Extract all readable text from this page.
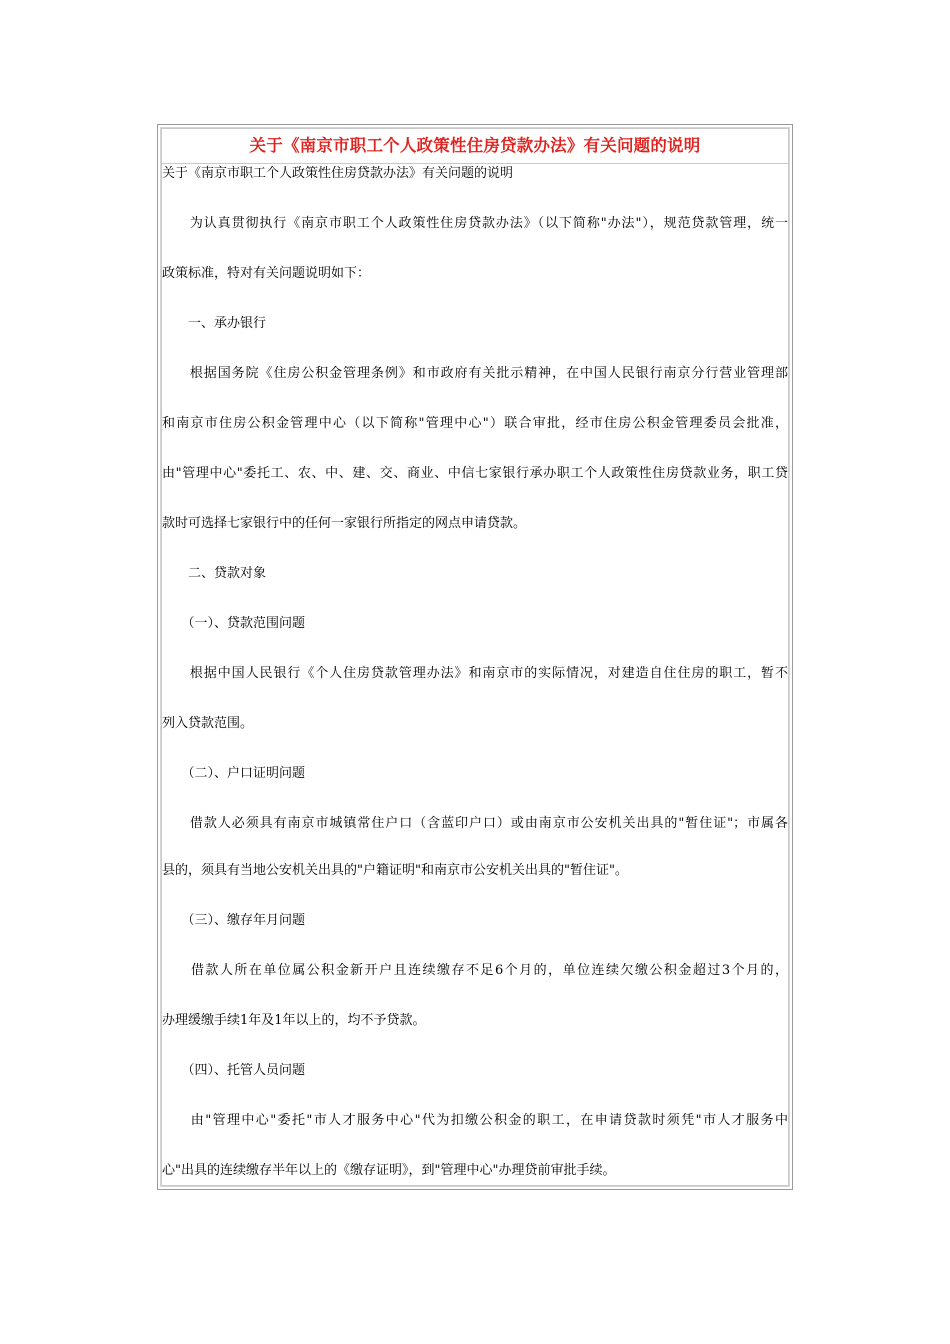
关于《南京市职工个人政策性住房贷款办法》有关问题的说明
关于《南京市职工个人政策性住房贷款办法》有关问题的说明
　　为认真贯彻执行《南京市职工个人政策性住房贷款办法》（以下简称"办法"），规范贷款管理，统一
政策标准，特对有关问题说明如下：
　　一、承办银行
　　根据国务院《住房公积金管理条例》和市政府有关批示精神，在中国人民银行南京分行营业管理部
和南京市住房公积金管理中心（以下简称"管理中心"）联合审批，经市住房公积金管理委员会批准，
由"管理中心"委托工、农、中、建、交、商业、中信七家银行承办职工个人政策性住房贷款业务，职工贷
款时可选择七家银行中的任何一家银行所指定的网点申请贷款。
　　二、贷款对象
　　（一）、贷款范围问题
　　根据中国人民银行《个人住房贷款管理办法》和南京市的实际情况，对建造自住住房的职工，暂不
列入贷款范围。
　　（二）、户口证明问题
　　借款人必须具有南京市城镇常住户口（含蓝印户口）或由南京市公安机关出具的"暂住证"；市属各
县的，须具有当地公安机关出具的"户籍证明"和南京市公安机关出具的"暂住证"。
　　（三）、缴存年月问题
　　借款人所在单位属公积金新开户且连续缴存不足6个月的，单位连续欠缴公积金超过3个月的，
办理缓缴手续1年及1年以上的，均不予贷款。
　　（四）、托管人员问题
　　由"管理中心"委托"市人才服务中心"代为扣缴公积金的职工，在申请贷款时须凭"市人才服务中
心"出具的连续缴存半年以上的《缴存证明》，到"管理中心"办理贷前审批手续。
